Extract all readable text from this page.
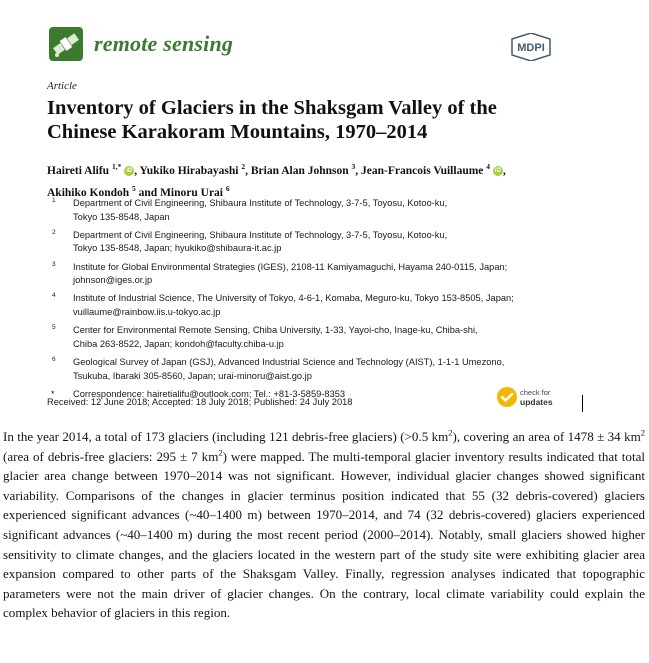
remote sensing	MDPI
Article
Inventory of Glaciers in the Shaksgam Valley of the
Chinese Karakoram Mountains, 1970–2014
Haireti Alifu $^{1,*}$ iD , Yukiko Hirabayashi $^2$, Brian Alan Johnson $^3$, Jean-Francois Vuillaume $^4$ iD ,
Akihiko Kondoh $^5$ and Minoru Urai $^6$
1 Department of Civil Engineering, Shibaura Institute of Technology, 3-7-5, Toyosu, Kotoo-ku,
Tokyo 135-8548, Japan
2 Department of Civil Engineering, Shibaura Institute of Technology, 3-7-5, Toyosu, Kotoo-ku,
Tokyo 135-8548, Japan; hyukiko@shibaura-it.ac.jp
3 Institute for Global Environmental Strategies (IGES), 2108-11 Kamiyamaguchi, Hayama 240-0115, Japan;
johnson@iges.or.jp
4 Institute of Industrial Science, The University of Tokyo, 4-6-1, Komaba, Meguro-ku, Tokyo 153-8505, Japan;
vuillaume@rainbow.iis.u-tokyo.ac.jp
5 Center for Environmental Remote Sensing, Chiba University, 1-33, Yayoi-cho, Inage-ku, Chiba-shi,
Chiba 263-8522, Japan; kondoh@faculty.chiba-u.jp
6 Geological Survey of Japan (GSJ), Advanced Industrial Science and Technology (AIST), 1-1-1 Umezono,
Tsukuba, Ibaraki 305-8560, Japan; urai-minoru@aist.go.jp
* Correspondence: hairetialifu@outlook.com; Tel.: +81-3-5859-8353
Received: 12 June 2018; Accepted: 18 July 2018; Published: 24 July 2018
check for
updates
In the year 2014, a total of 173 glaciers (including 121 debris-free glaciers) (>0.5 $km^2$), covering an area of 1478 ± 34 $km^2$ (area of debris-free glaciers: 295 ± 7 $km^2$) were mapped. The multi-temporal glacier inventory results indicated that total glacier area change between 1970–2014 was not significant. However, individual glacier changes showed significant variability. Comparisons of the changes in glacier terminus position indicated that 55 (32 debris-covered) glaciers experienced significant advances (~40–1400 m) between 1970–2014, and 74 (32 debris-covered) glaciers experienced significant advances (~40–1400 m) during the most recent period (2000–2014). Notably, small glaciers showed higher sensitivity to climate changes, and the glaciers located in the western part of the study site were exhibiting glacier area expansion compared to other parts of the Shaksgam Valley. Finally, regression analyses indicated that topographic parameters were not the main driver of glacier changes. On the contrary, local climate variability could explain the complex behavior of glaciers in this region.
